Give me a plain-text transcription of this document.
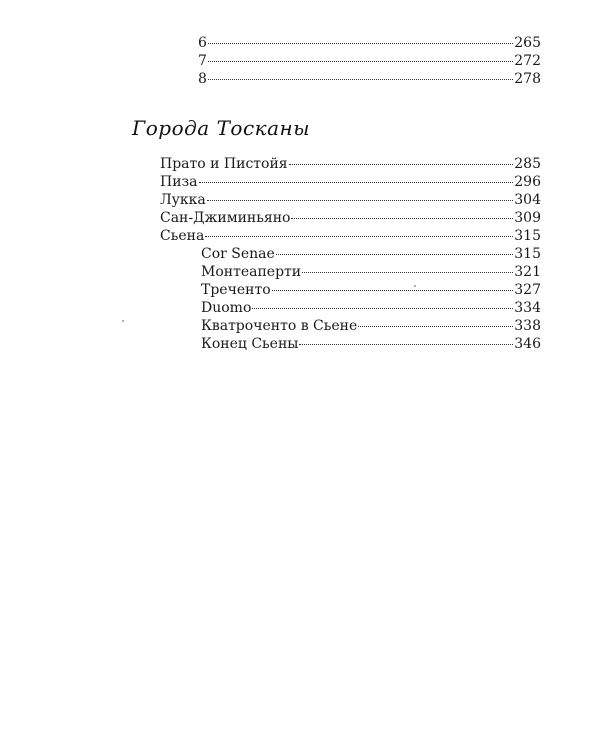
6	265
7	272
8	278
Города Тосканы
Прато и Пистойя	285
Пиза	296
Лукка	304
Сан-Джиминьяно	309
Сьена	315
Cor Senae	315
Монтеаперти	321
Треченто	327
Duomo	334
Кватроченто в Сьене	338
Конец Сьены	346
